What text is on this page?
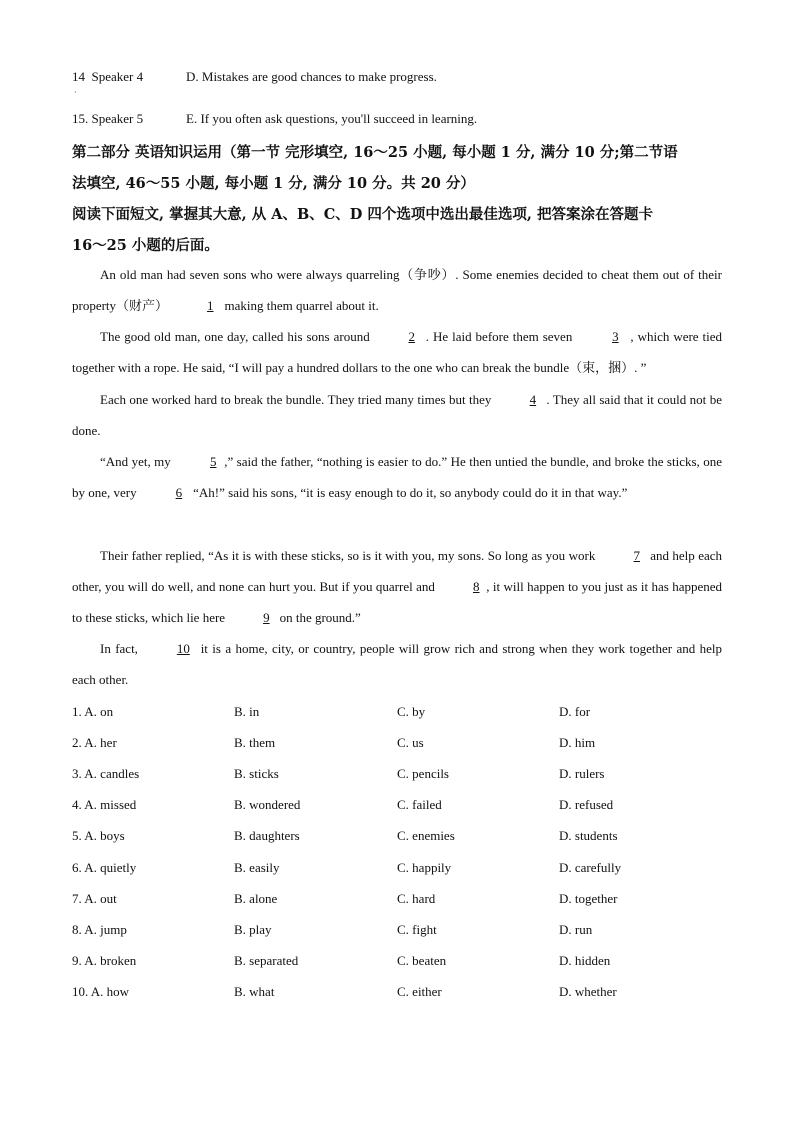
14 Speaker 4	D. Mistakes are good chances to make progress.
·
15. Speaker 5	E. If you often ask questions, you'll succeed in learning.
第二部分 英语知识运用（第一节 完形填空, 16～25 小题, 每小题 1 分, 满分 10 分;第二节语
法填空, 46～55 小题, 每小题 1 分, 满分 10 分。共 20 分）
阅读下面短文, 掌握其大意, 从 A、B、C、D 四个选项中选出最佳选项, 把答案涂在答题卡
16～25 小题的后面。
An old man had seven sons who were always quarreling（争吵）. Some enemies decided to cheat them out of their property（财产）	1 making them quarrel about it.
The good old man, one day, called his sons around	2 . He laid before them seven	3 , which were tied together with a rope. He said, “I will pay a hundred dollars to the one who can break the bundle（束，捆）. ”
Each one worked hard to break the bundle. They tried many times but they	4 . They all said that it could not be done.
“And yet, my	5 ,” said the father, “nothing is easier to do.” He then untied the bundle, and broke the sticks, one by one, very	6 “Ah!” said his sons, “it is easy enough to do it, so anybody could do it in that way.”
Their father replied, “As it is with these sticks, so is it with you, my sons. So long as you work	7 and help each other, you will do well, and none can hurt you. But if you quarrel and	8 , it will happen to you just as it has happened to these sticks, which lie here	9 on the ground.”
In fact,	10 it is a home, city, or country, people will grow rich and strong when they work together and help each other.
1. A. on	B. in	C. by	D. for
2. A. her	B. them	C. us	D. him
3. A. candles	B. sticks	C. pencils	D. rulers
4. A. missed	B. wondered	C. failed	D. refused
5. A. boys	B. daughters	C. enemies	D. students
6. A. quietly	B. easily	C. happily	D. carefully
7. A. out	B. alone	C. hard	D. together
8. A. jump	B. play	C. fight	D. run
9. A. broken	B. separated	C. beaten	D. hidden
10. A. how	B. what	C. either	D. whether
